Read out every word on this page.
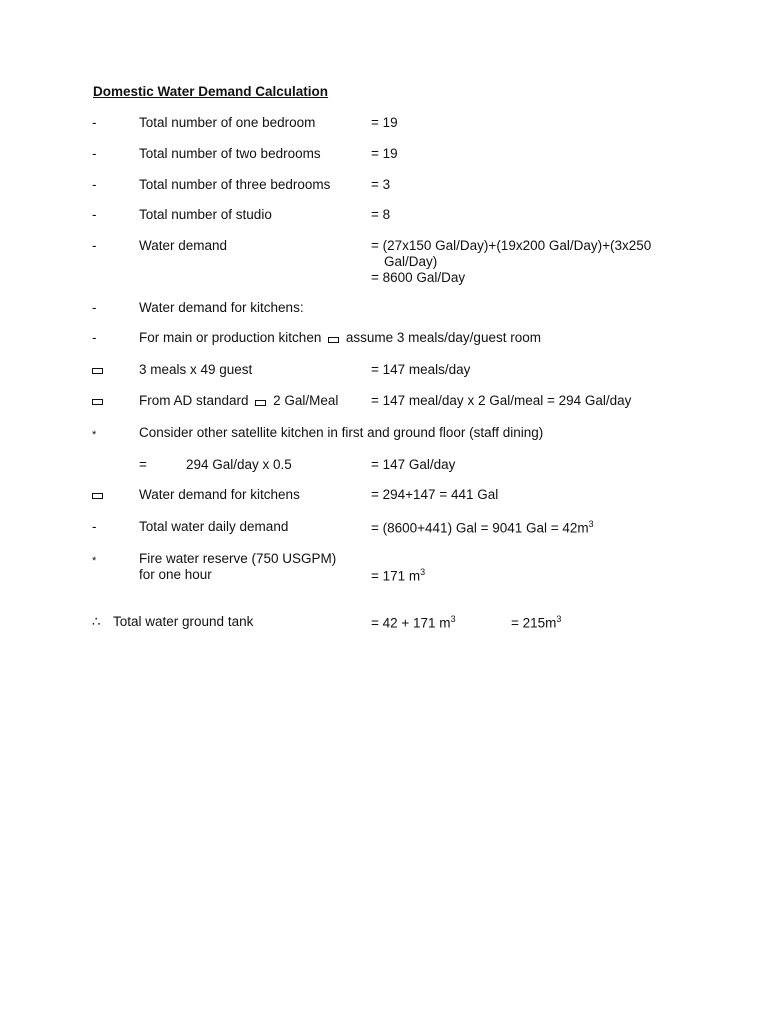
Domestic Water Demand Calculation
-	Total number of one bedroom	= 19
-	Total number of two bedrooms	= 19
-	Total number of three bedrooms	= 3
-	Total number of studio	= 8
-	Water demand	= (27x150 Gal/Day)+(19x200 Gal/Day)+(3x250
Gal/Day)
= 8600 Gal/Day
-	Water demand for kitchens:
-	For main or production kitchen assume 3 meals/day/guest room
3 meals x 49 guest	= 147 meals/day
From AD standard 2 Gal/Meal = 147 meal/day x 2 Gal/meal = 294 Gal/day
*	Consider other satellite kitchen in first and ground floor (staff dining)
=	294 Gal/day x 0.5	= 147 Gal/day
Water demand for kitchens	= 294+147 = 441 Gal
-	Total water daily demand	= (8600+441) Gal = 9041 Gal = $42m^3$
*	Fire water reserve (750 USGPM)
for one hour	= 171 $m^3$
∴ Total water ground tank	= 42 + 171 $m^3$	= $215m^3$
